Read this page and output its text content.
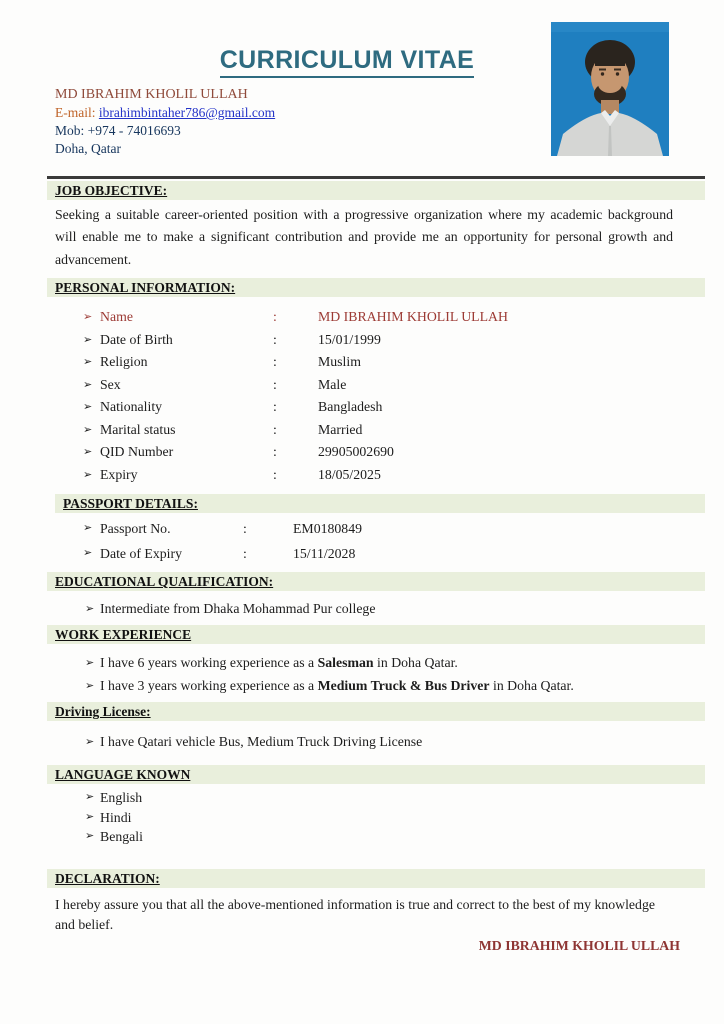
CURRICULUM VITAE
MD IBRAHIM KHOLIL ULLAH
E-mail: ibrahimbintaher786@gmail.com
Mob: +974 - 74016693
Doha, Qatar
JOB OBJECTIVE:
Seeking a suitable career-oriented position with a progressive organization where my academic background will enable me to make a significant contribution and provide me an opportunity for personal growth and advancement.
PERSONAL INFORMATION:
➢ Name	:	MD IBRAHIM KHOLIL ULLAH
➢ Date of Birth	:	15/01/1999
➢ Religion	:	Muslim
➢ Sex	:	Male
➢ Nationality	:	Bangladesh
➢ Marital status	:	Married
➢ QID Number	:	29905002690
➢ Expiry	:	18/05/2025
PASSPORT DETAILS:
➢ Passport No.	:	EM0180849
➢ Date of Expiry	:	15/11/2028
EDUCATIONAL QUALIFICATION:
➢ Intermediate from Dhaka Mohammad Pur college
WORK EXPERIENCE
➢ I have 6 years working experience as a Salesman in Doha Qatar.
➢ I have 3 years working experience as a Medium Truck & Bus Driver in Doha Qatar.
Driving License:
➢ I have Qatari vehicle Bus, Medium Truck Driving License
LANGUAGE KNOWN
➢ English
➢ Hindi
➢ Bengali
DECLARATION:
I hereby assure you that all the above-mentioned information is true and correct to the best of my knowledge and belief.
MD IBRAHIM KHOLIL ULLAH
